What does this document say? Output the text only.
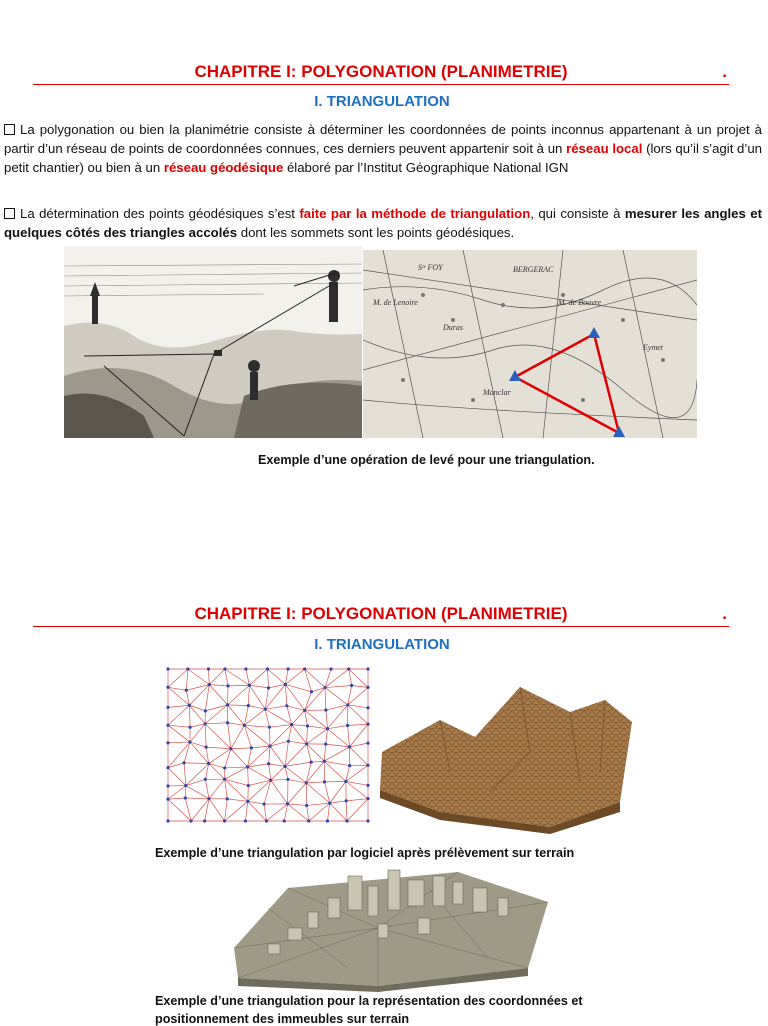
CHAPITRE I: POLYGONATION (PLANIMETRIE)	.
I. TRIANGULATION
La polygonation ou bien la planimétrie consiste à déterminer les coordonnées de points inconnus appartenant à un projet à partir d’un réseau de points de coordonnées connues, ces derniers peuvent appartenir soit à un réseau local (lors qu’il s’agit d’un petit chantier) ou bien à un réseau géodésique élaboré par l’Institut Géographique National IGN
La détermination des points géodésiques s’est faite par la méthode de triangulation, qui consiste à mesurer les angles et quelques côtés des triangles accolés dont les sommets sont les points géodésiques.
Sᵗᵉ FOY	BERGERAC
Duras
Monclar
M. de Bouvre
Eymet
M. de Lenoire
Exemple d’une opération de levé pour une triangulation.
CHAPITRE I: POLYGONATION (PLANIMETRIE)	.
I. TRIANGULATION
Exemple d’une triangulation par logiciel après prélèvement sur terrain
Exemple d’une triangulation pour la représentation des coordonnées et
positionnement des immeubles sur terrain
